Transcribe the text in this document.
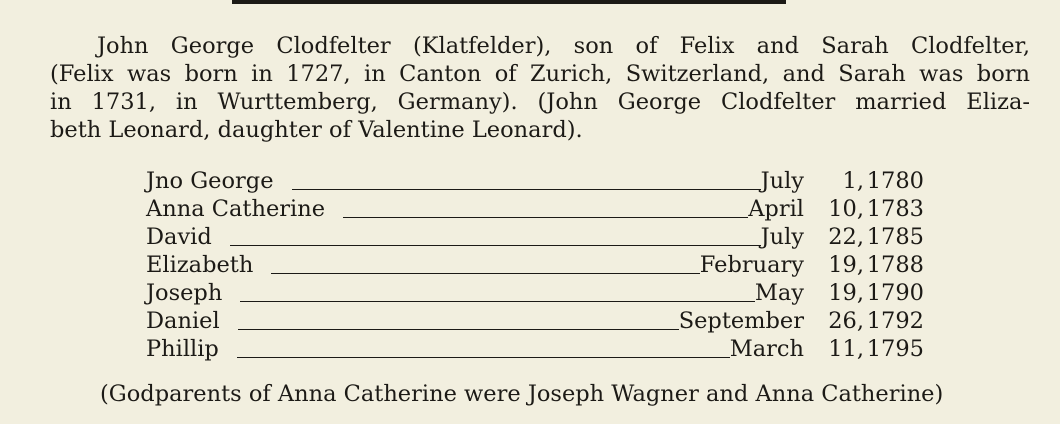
John George Clodfelter (Klatfelder), son of Felix and Sarah Clodfelter,
(Felix was born in 1727, in Canton of Zurich, Switzerland, and Sarah was born
in 1731, in Wurttemberg, Germany). (John George Clodfelter married Eliza-
beth Leonard, daughter of Valentine Leonard).
Jno George	July	1, 1780
Anna Catherine	April	10, 1783
David	July	22, 1785
Elizabeth	February	19, 1788
Joseph	May	19, 1790
Daniel	September	26, 1792
Phillip	March	11, 1795
(Godparents of Anna Catherine were Joseph Wagner and Anna Catherine)
